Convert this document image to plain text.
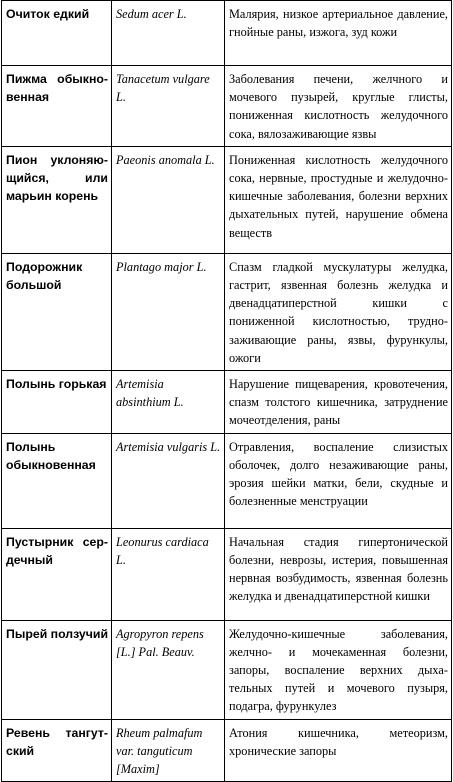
Очиток едкий	Sedum acer L.	Малярия, низкое артериальное давление, гнойные раны, изжога, зуд кожи
Пижма обыкновенная	Tanacetum vulgare L.	Заболевания печени, желчного и мочевого пузырей, круглые глисты, пониженная кислотность желудочного сока, вялозаживающие язвы
Пион уклоняющийся, или марьин корень	Paeonis anomala L.	Пониженная кислотность желудочного сока, нервные, простудные и желудочно-кишечные заболевания, болезни верхних дыхательных путей, нарушение обмена веществ
Подорожник большой	Plantago major L.	Спазм гладкой мускулатуры желудка, гастрит, язвенная болезнь желудка и двенадцатиперстной кишки с пониженной кислотностью, труднозаживающие раны, язвы, фурункулы, ожоги
Полынь горькая	Artemisia absinthium L.	Нарушение пищеварения, кровотечения, спазм толстого кишечника, затруднение мочеотделения, раны
Полынь обыкновенная	Artemisia vulgaris L.	Отравления, воспаление слизистых оболочек, долго незаживающие раны, эрозия шейки матки, бели, скудные и болезненные менструации
Пустырник сердечный	Leonurus cardiaca L.	Начальная стадия гипертонической болезни, неврозы, истерия, повышенная нервная возбудимость, язвенная болезнь желудка и двенадцатиперстной кишки
Пырей ползучий	Agropyron repens [L.] Pal. Beauv.	Желудочно-кишечные заболевания, желчно- и мочекаменная болезни, запоры, воспаление верхних дыхательных путей и мочевого пузыря, подагра, фурункулез
Ревень тангутский	Rheum palmafum var. tanguticum [Maxim]	Атония кишечника, метеоризм, хронические запоры
